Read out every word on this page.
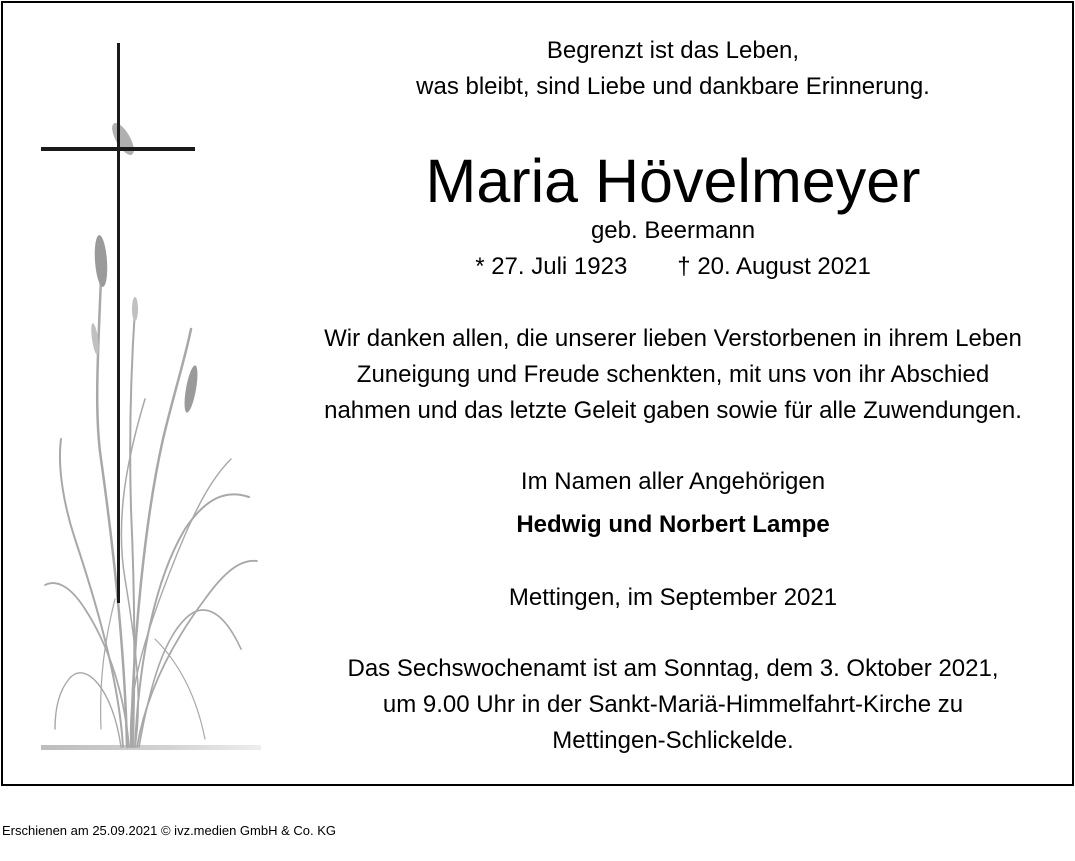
Begrenzt ist das Leben,
was bleibt, sind Liebe und dankbare Erinnerung.
Maria Hövelmeyer
geb. Beermann
* 27. Juli 1923 † 20. August 2021
Wir danken allen, die unserer lieben Verstorbenen in ihrem Leben
Zuneigung und Freude schenkten, mit uns von ihr Abschied
nahmen und das letzte Geleit gaben sowie für alle Zuwendungen.
Im Namen aller Angehörigen
Hedwig und Norbert Lampe
Mettingen, im September 2021
Das Sechswochenamt ist am Sonntag, dem 3. Oktober 2021,
um 9.00 Uhr in der Sankt-Mariä-Himmelfahrt-Kirche zu
Mettingen-Schlickelde.
Erschienen am 25.09.2021 © ivz.medien GmbH & Co. KG
